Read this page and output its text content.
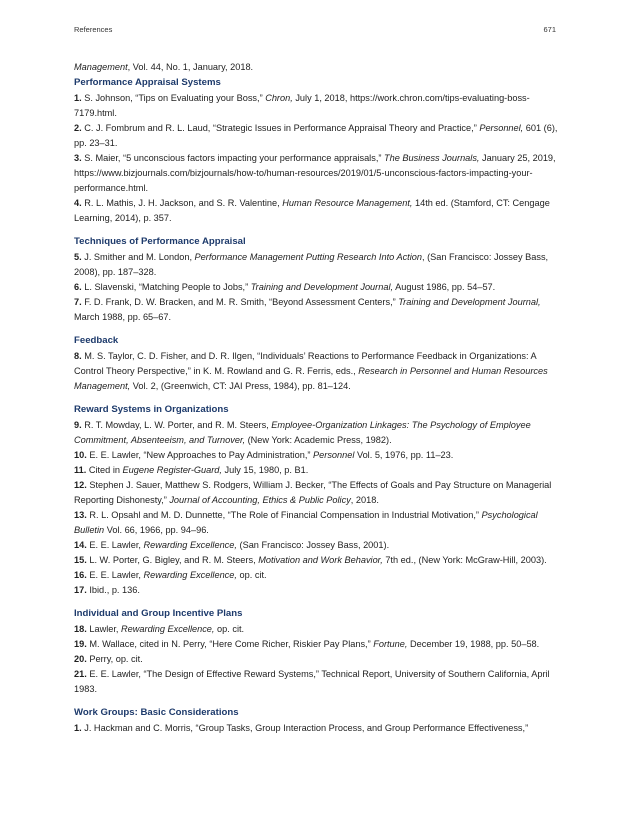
References	671

Management, Vol. 44, No. 1, January, 2018.

Performance Appraisal Systems

1. S. Johnson, “Tips on Evaluating your Boss,” Chron, July 1, 2018, https://work.chron.com/tips-evaluating-boss-7179.html.

2. C. J. Fombrum and R. L. Laud, “Strategic Issues in Performance Appraisal Theory and Practice,” Personnel, 601 (6), pp. 23–31.

3. S. Maier, “5 unconscious factors impacting your performance appraisals,” The Business Journals, January 25, 2019, https://www.bizjournals.com/bizjournals/how-to/human-resources/2019/01/5-unconscious-factors-impacting-your-performance.html.

4. R. L. Mathis, J. H. Jackson, and S. R. Valentine, Human Resource Management, 14th ed. (Stamford, CT: Cengage Learning, 2014), p. 357.

Techniques of Performance Appraisal

5. J. Smither and M. London, Performance Management Putting Research Into Action, (San Francisco: Jossey Bass, 2008), pp. 187–328.

6. L. Slavenski, “Matching People to Jobs,” Training and Development Journal, August 1986, pp. 54–57.

7. F. D. Frank, D. W. Bracken, and M. R. Smith, “Beyond Assessment Centers,” Training and Development Journal, March 1988, pp. 65–67.

Feedback

8. M. S. Taylor, C. D. Fisher, and D. R. Ilgen, “Individuals’ Reactions to Performance Feedback in Organizations: A Control Theory Perspective,” in K. M. Rowland and G. R. Ferris, eds., Research in Personnel and Human Resources Management, Vol. 2, (Greenwich, CT: JAI Press, 1984), pp. 81–124.

Reward Systems in Organizations

9. R. T. Mowday, L. W. Porter, and R. M. Steers, Employee-Organization Linkages: The Psychology of Employee Commitment, Absenteeism, and Turnover, (New York: Academic Press, 1982).

10. E. E. Lawler, “New Approaches to Pay Administration,” Personnel Vol. 5, 1976, pp. 11–23.

11. Cited in Eugene Register-Guard, July 15, 1980, p. B1.

12. Stephen J. Sauer, Matthew S. Rodgers, William J. Becker, “The Effects of Goals and Pay Structure on Managerial Reporting Dishonesty,” Journal of Accounting, Ethics & Public Policy, 2018.

13. R. L. Opsahl and M. D. Dunnette, “The Role of Financial Compensation in Industrial Motivation,” Psychological Bulletin Vol. 66, 1966, pp. 94–96.

14. E. E. Lawler, Rewarding Excellence, (San Francisco: Jossey Bass, 2001).

15. L. W. Porter, G. Bigley, and R. M. Steers, Motivation and Work Behavior, 7th ed., (New York: McGraw-Hill, 2003).

16. E. E. Lawler, Rewarding Excellence, op. cit.

17. Ibid., p. 136.

Individual and Group Incentive Plans

18. Lawler, Rewarding Excellence, op. cit.

19. M. Wallace, cited in N. Perry, “Here Come Richer, Riskier Pay Plans,” Fortune, December 19, 1988, pp. 50–58.

20. Perry, op. cit.

21. E. E. Lawler, “The Design of Effective Reward Systems,” Technical Report, University of Southern California, April 1983.

Work Groups: Basic Considerations

1. J. Hackman and C. Morris, “Group Tasks, Group Interaction Process, and Group Performance Effectiveness,”
